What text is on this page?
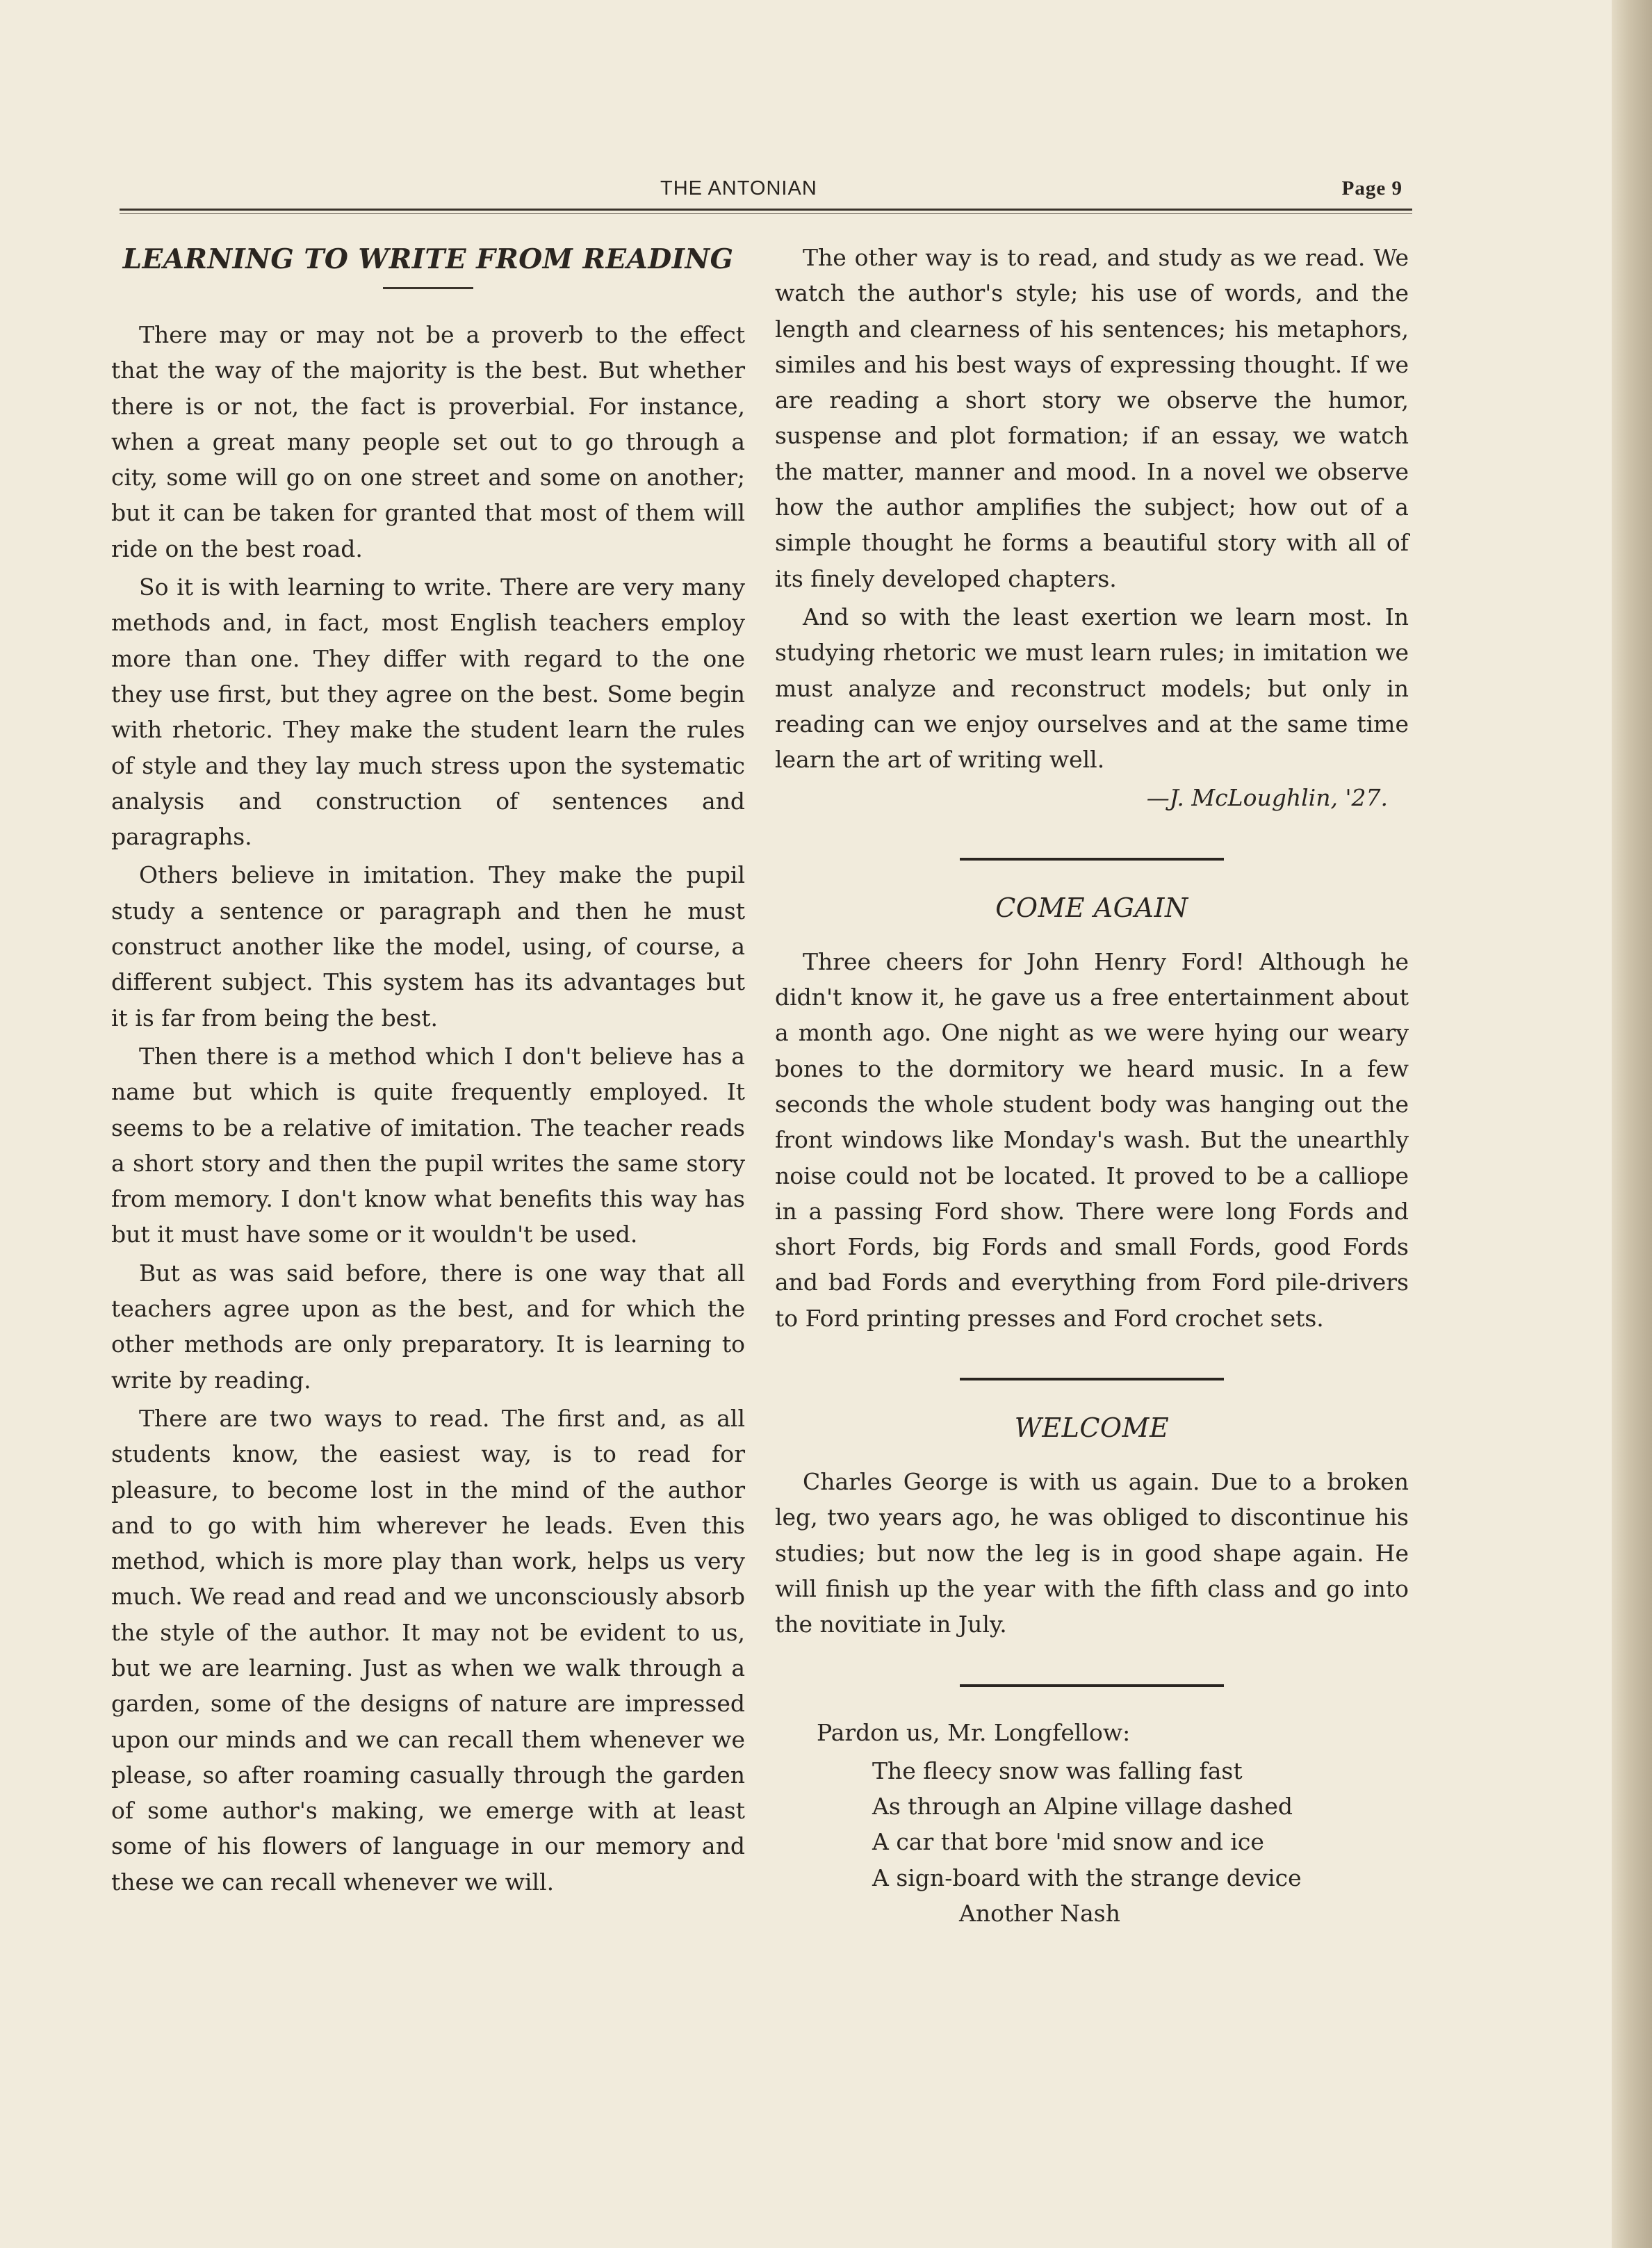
THE ANTONIAN	Page 9
LEARNING TO WRITE FROM READING

There may or may not be a proverb to the effect that the way of the majority is the best. But whether there is or not, the fact is proverbial. For instance, when a great many people set out to go through a city, some will go on one street and some on another; but it can be taken for granted that most of them will ride on the best road.

So it is with learning to write. There are very many methods and, in fact, most English teachers employ more than one. They differ with regard to the one they use first, but they agree on the best. Some begin with rhetoric. They make the student learn the rules of style and they lay much stress upon the systematic analysis and construction of sentences and paragraphs.

Others believe in imitation. They make the pupil study a sentence or paragraph and then he must construct another like the model, using, of course, a different subject. This system has its advantages but it is far from being the best.

Then there is a method which I don't believe has a name but which is quite frequently employed. It seems to be a relative of imitation. The teacher reads a short story and then the pupil writes the same story from memory. I don't know what benefits this way has but it must have some or it wouldn't be used.

But as was said before, there is one way that all teachers agree upon as the best, and for which the other methods are only preparatory. It is learning to write by reading.

There are two ways to read. The first and, as all students know, the easiest way, is to read for pleasure, to become lost in the mind of the author and to go with him wherever he leads. Even this method, which is more play than work, helps us very much. We read and read and we unconsciously absorb the style of the author. It may not be evident to us, but we are learning. Just as when we walk through a garden, some of the designs of nature are impressed upon our minds and we can recall them whenever we please, so after roaming casually through the garden of some author's making, we emerge with at least some of his flowers of language in our memory and these we can recall whenever we will.

The other way is to read, and study as we read. We watch the author's style; his use of words, and the length and clearness of his sentences; his metaphors, similes and his best ways of expressing thought. If we are reading a short story we observe the humor, suspense and plot formation; if an essay, we watch the matter, manner and mood. In a novel we observe how the author amplifies the subject; how out of a simple thought he forms a beautiful story with all of its finely developed chapters.

And so with the least exertion we learn most. In studying rhetoric we must learn rules; in imitation we must analyze and reconstruct models; but only in reading can we enjoy ourselves and at the same time learn the art of writing well.

—J. McLoughlin, '27.

COME AGAIN

Three cheers for John Henry Ford! Although he didn't know it, he gave us a free entertainment about a month ago. One night as we were hying our weary bones to the dormitory we heard music. In a few seconds the whole student body was hanging out the front windows like Monday's wash. But the unearthly noise could not be located. It proved to be a calliope in a passing Ford show. There were long Fords and short Fords, big Fords and small Fords, good Fords and bad Fords and everything from Ford pile-drivers to Ford printing presses and Ford crochet sets.

WELCOME

Charles George is with us again. Due to a broken leg, two years ago, he was obliged to discontinue his studies; but now the leg is in good shape again. He will finish up the year with the fifth class and go into the novitiate in July.

Pardon us, Mr. Longfellow:

The fleecy snow was falling fast
As through an Alpine village dashed
A car that bore 'mid snow and ice
A sign-board with the strange device
Another Nash
